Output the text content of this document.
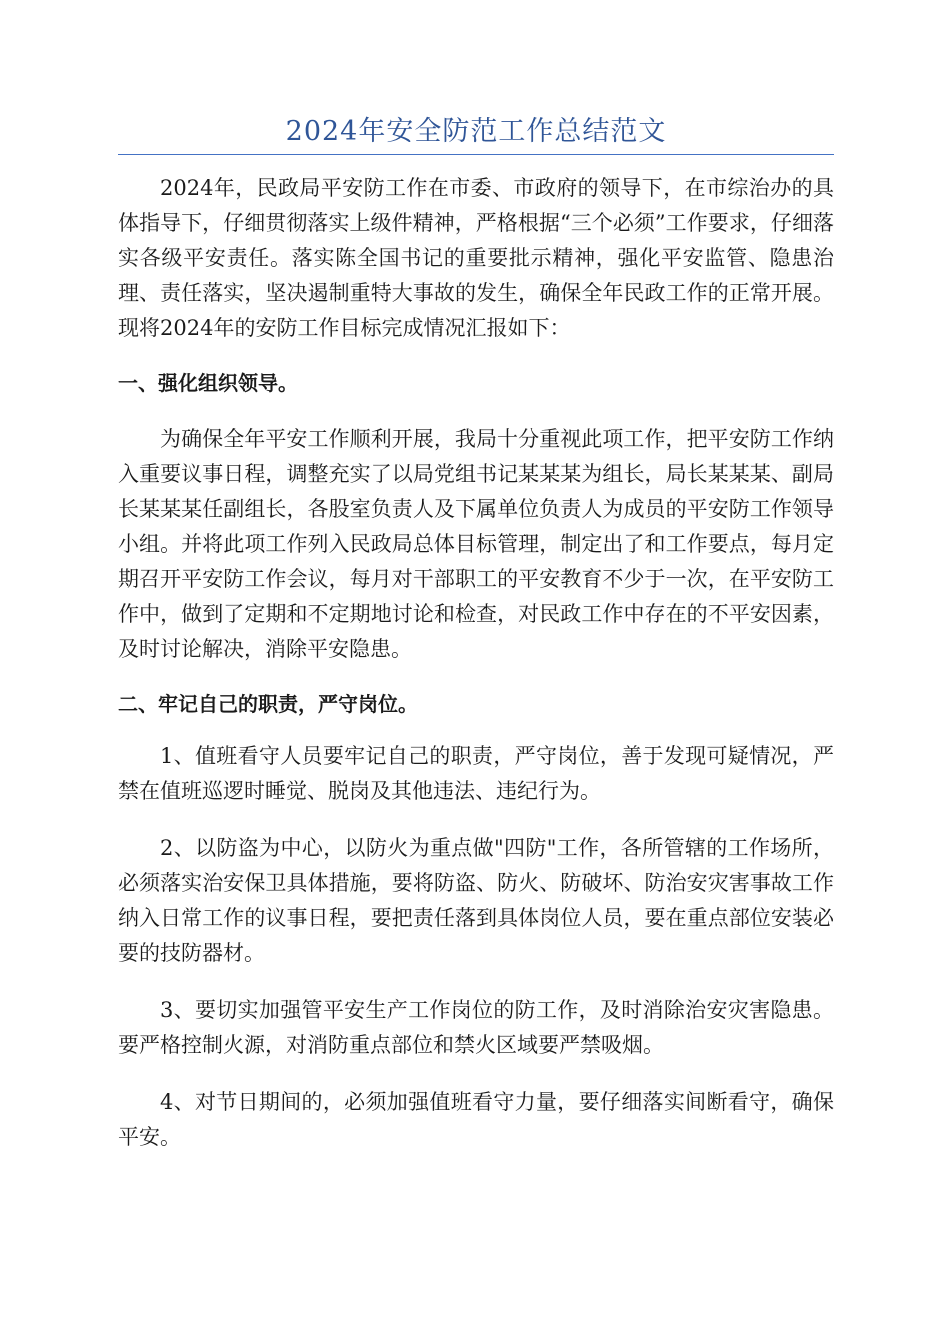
2024年安全防范工作总结范文

2024年，民政局平安防工作在市委、市政府的领导下，在市综治办的具体指导下，仔细贯彻落实上级件精神，严格根据“三个必须”工作要求，仔细落实各级平安责任。落实陈全国书记的重要批示精神，强化平安监管、隐患治理、责任落实，坚决遏制重特大事故的发生，确保全年民政工作的正常开展。现将2024年的安防工作目标完成情况汇报如下：

一、强化组织领导。

为确保全年平安工作顺利开展，我局十分重视此项工作，把平安防工作纳入重要议事日程，调整充实了以局党组书记某某某为组长，局长某某某、副局长某某某任副组长，各股室负责人及下属单位负责人为成员的平安防工作领导小组。并将此项工作列入民政局总体目标管理，制定出了和工作要点，每月定期召开平安防工作会议，每月对干部职工的平安教育不少于一次，在平安防工作中，做到了定期和不定期地讨论和检查，对民政工作中存在的不平安因素，及时讨论解决，消除平安隐患。

二、牢记自己的职责，严守岗位。

1、值班看守人员要牢记自己的职责，严守岗位，善于发现可疑情况，严禁在值班巡逻时睡觉、脱岗及其他违法、违纪行为。

2、以防盗为中心，以防火为重点做"四防"工作，各所管辖的工作场所，必须落实治安保卫具体措施，要将防盗、防火、防破坏、防治安灾害事故工作纳入日常工作的议事日程，要把责任落到具体岗位人员，要在重点部位安装必要的技防器材。

3、要切实加强管平安生产工作岗位的防工作，及时消除治安灾害隐患。要严格控制火源，对消防重点部位和禁火区域要严禁吸烟。

4、对节日期间的，必须加强值班看守力量，要仔细落实间断看守，确保平安。
